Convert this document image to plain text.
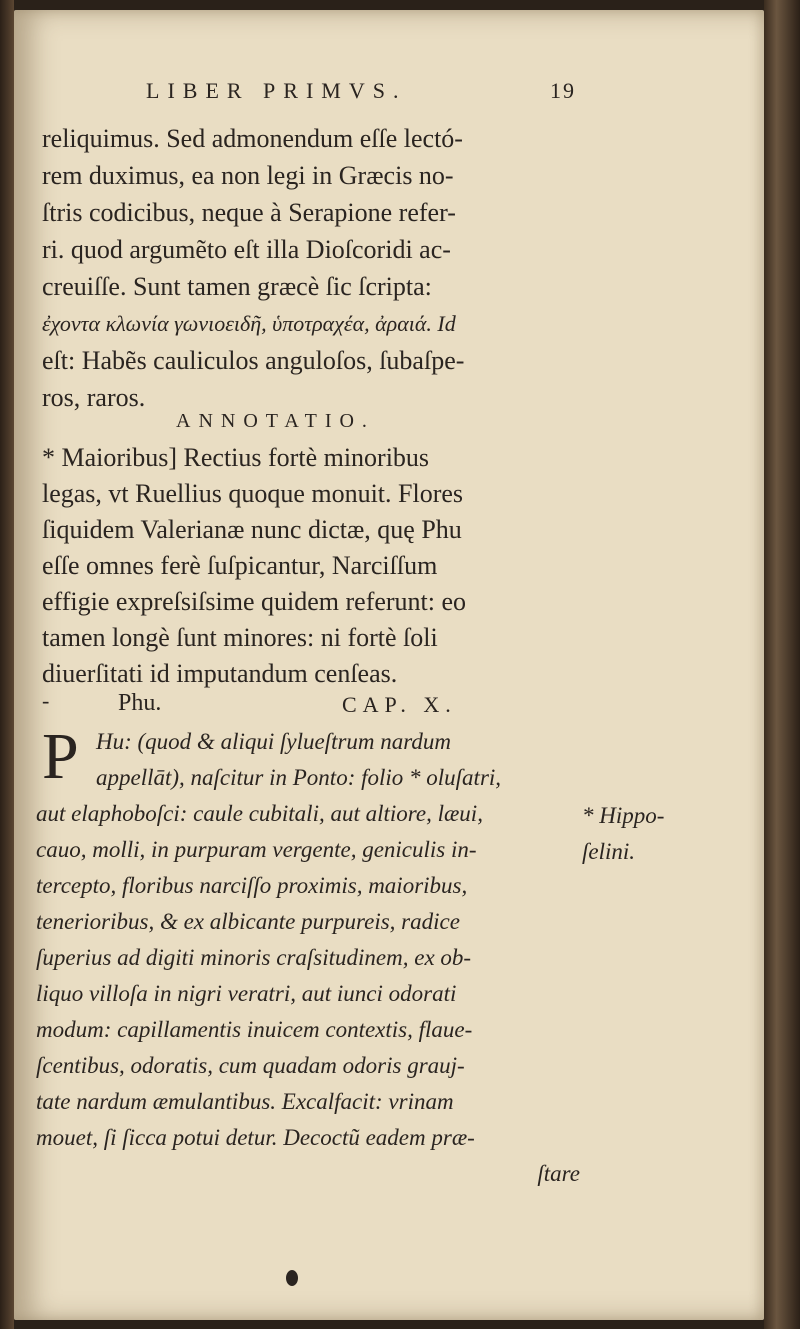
LIBER PRIMVS.	19
reliquimus. Sed admonendum eſſe lectó-
rem duximus, ea non legi in Græcis no-
ſtris codicibus, neque à Serapione refer-
ri. quod argumẽto eſt illa Dioſcoridi ac-
creuiſſe. Sunt tamen græcè ſic ſcripta:
ἐχοντα κλωνία γωνιοειδῆ, ὑποτραχέα, ἀραιά. Id
eſt: Habẽs cauliculos anguloſos, ſubaſpe-
ros, raros.
ANNOTATIO.
* Maioribus] Rectius fortè minoribus
legas, vt Ruellius quoque monuit. Flores
ſiquidem Valerianæ nunc dictæ, quę Phu
eſſe omnes ferè ſuſpicantur, Narciſſum
effigie expreſsiſsime quidem referunt: eo
tamen longè ſunt minores: ni fortè ſoli
diuerſitati id imputandum cenſeas.
-	Phu.	CAP. X.
P Hu: (quod & aliqui ſylueſtrum nardum
appellāt), naſcitur in Ponto: folio * oluſatri,
aut elaphoboſci: caule cubitali, aut altiore, læui,
cauo, molli, in purpuram vergente, geniculis in-
tercepto, floribus narciſſo proximis, maioribus,
tenerioribus, & ex albicante purpureis, radice
ſuperius ad digiti minoris craſsitudinem, ex ob-
liquo villoſa in nigri veratri, aut iunci odorati
modum: capillamentis inuicem contextis, flaue-
ſcentibus, odoratis, cum quadam odoris grauj-
tate nardum æmulantibus. Excalfacit: vrinam
mouet, ſi ſicca potui detur. Decoctũ eadem præ-
ſtare
* Hippo-
ſelini.
